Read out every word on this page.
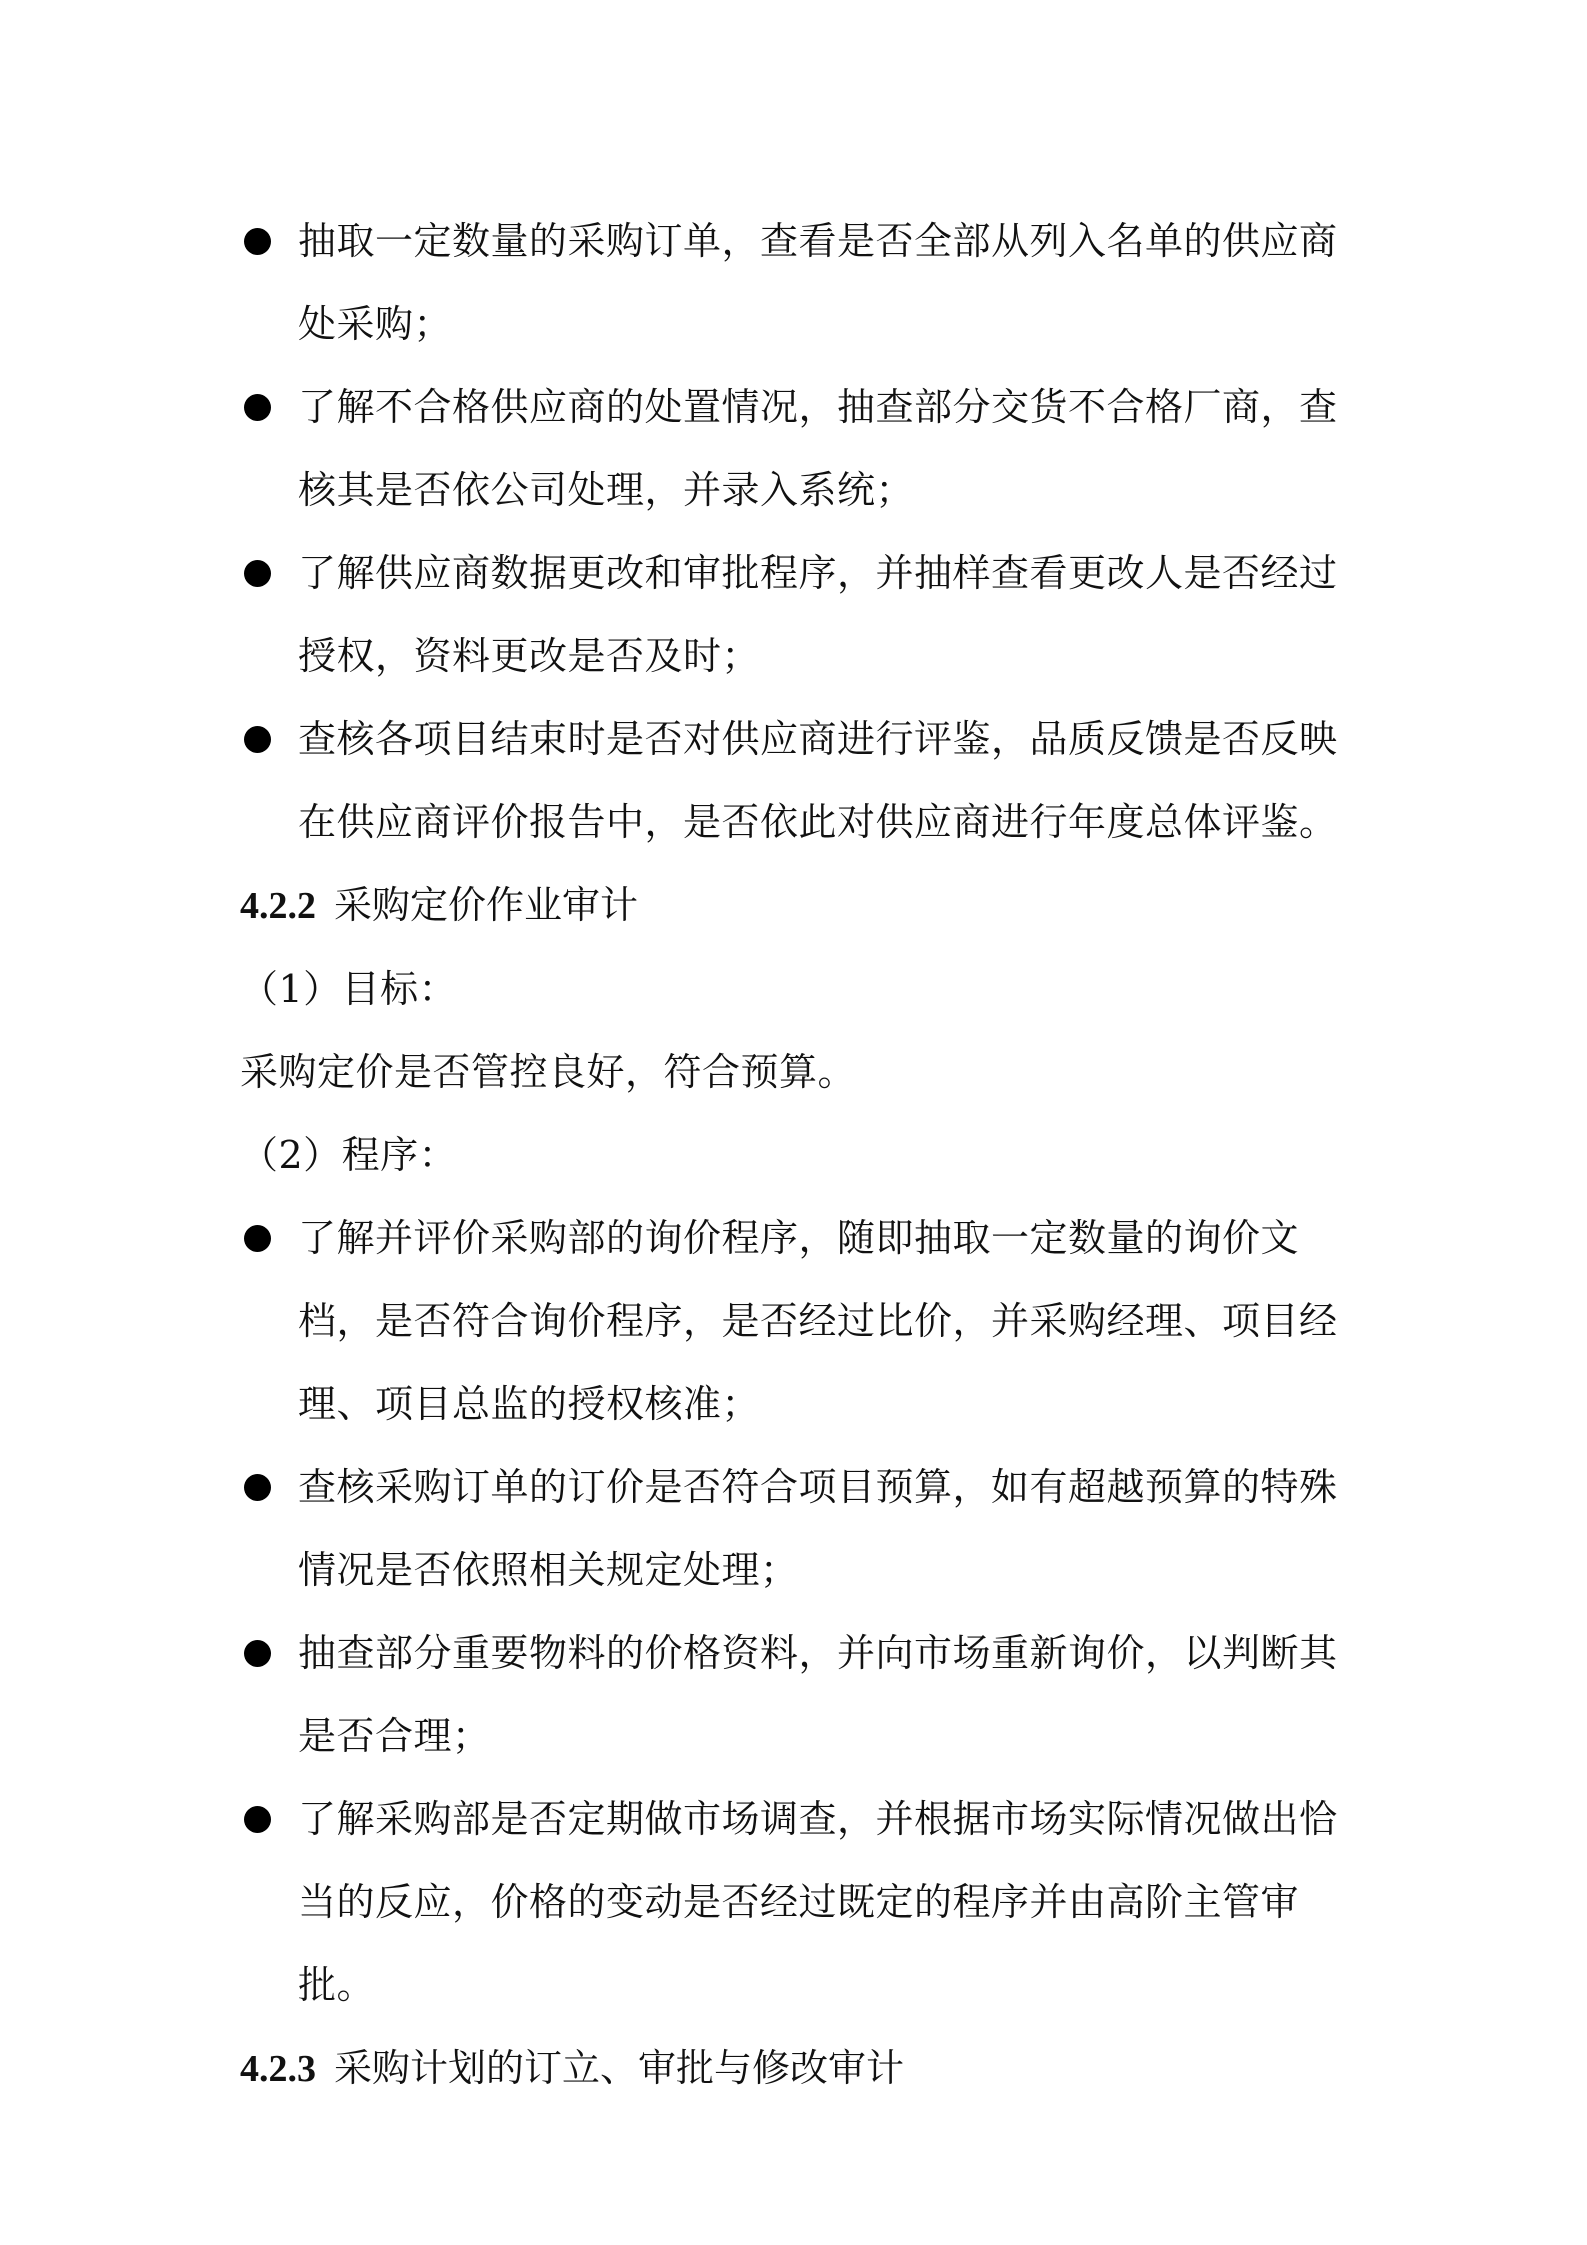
抽取一定数量的采购订单，查看是否全部从列入名单的供应商处采购；
了解不合格供应商的处置情况，抽查部分交货不合格厂商，查核其是否依公司处理，并录入系统；
了解供应商数据更改和审批程序，并抽样查看更改人是否经过授权，资料更改是否及时；
查核各项目结束时是否对供应商进行评鉴，品质反馈是否反映在供应商评价报告中，是否依此对供应商进行年度总体评鉴。
4.2.2 采购定价作业审计

（1）目标：

采购定价是否管控良好，符合预算。

（2）程序：

了解并评价采购部的询价程序，随即抽取一定数量的询价文档，是否符合询价程序，是否经过比价，并采购经理、项目经理、项目总监的授权核准；
查核采购订单的订价是否符合项目预算，如有超越预算的特殊情况是否依照相关规定处理；
抽查部分重要物料的价格资料，并向市场重新询价，以判断其是否合理；
了解采购部是否定期做市场调查，并根据市场实际情况做出恰当的反应，价格的变动是否经过既定的程序并由高阶主管审批。
4.2.3 采购计划的订立、审批与修改审计
